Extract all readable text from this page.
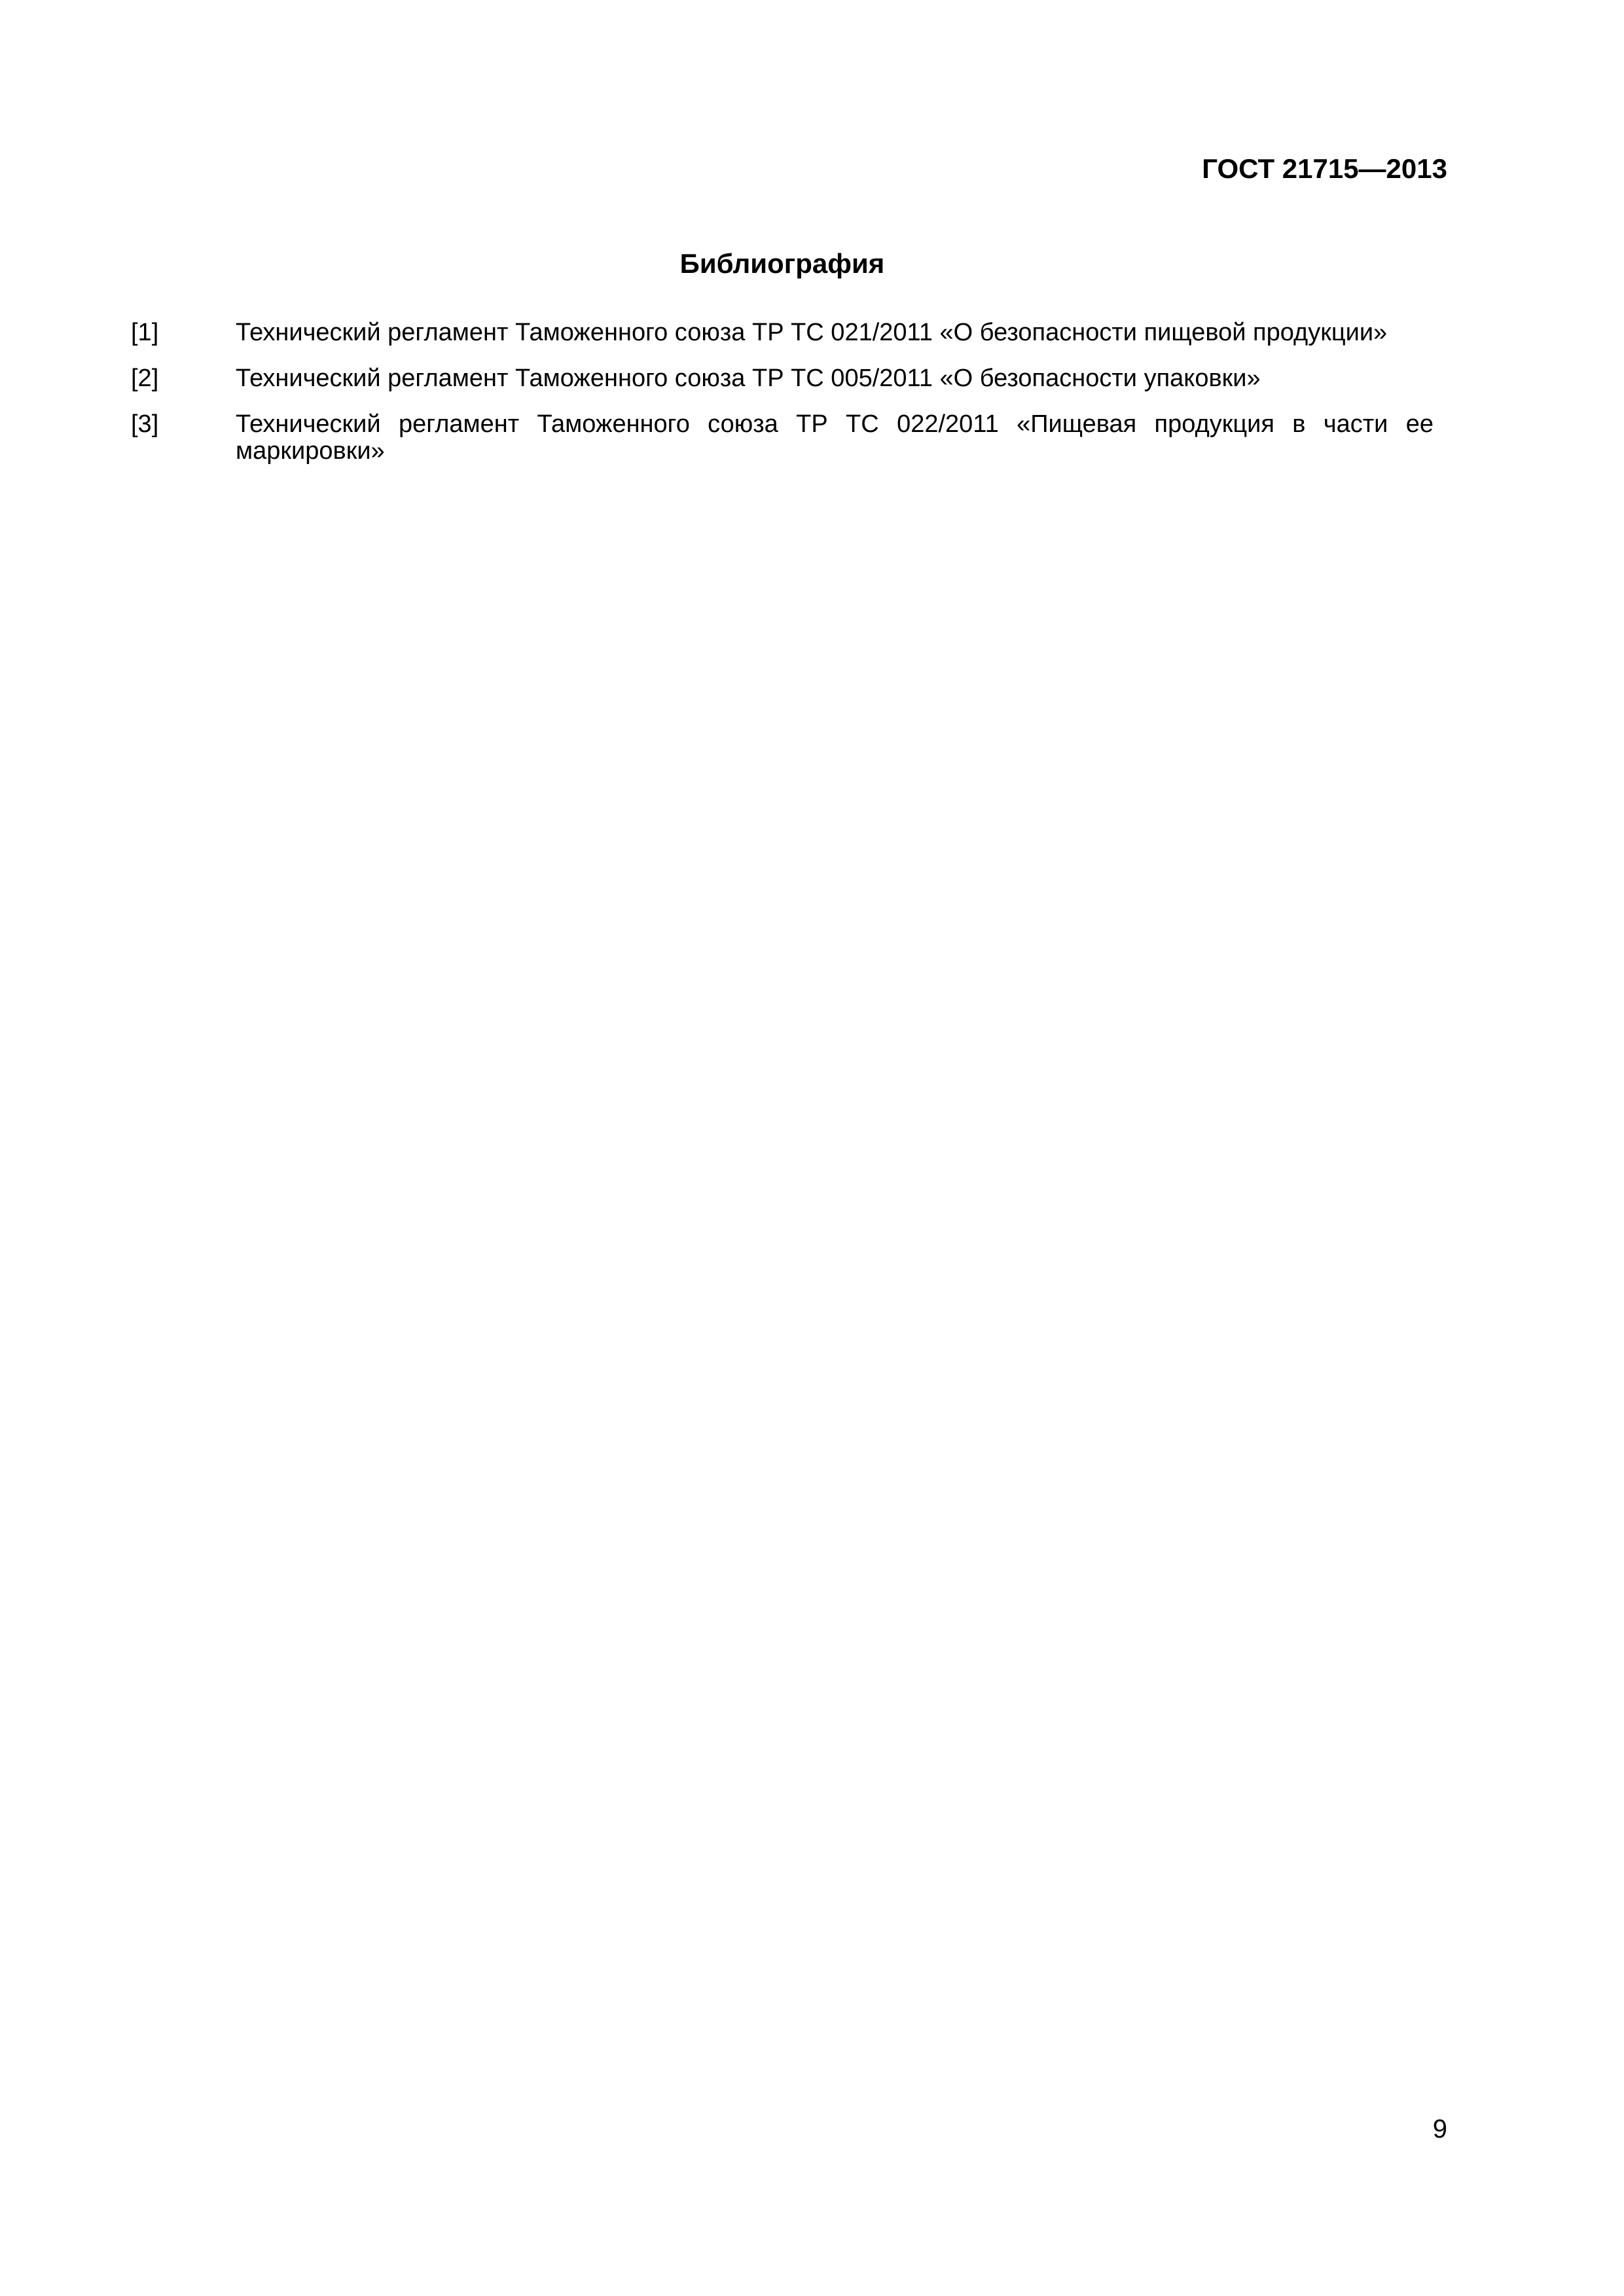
ГОСТ 21715—2013
Библиография
[1]	Технический регламент Таможенного союза ТР ТС 021/2011 «О безопасности пищевой продукции»
[2]	Технический регламент Таможенного союза ТР ТС 005/2011 «О безопасности упаковки»
[3]	Технический регламент Таможенного союза ТР ТС 022/2011 «Пищевая продукция в части ее маркировки»
9
